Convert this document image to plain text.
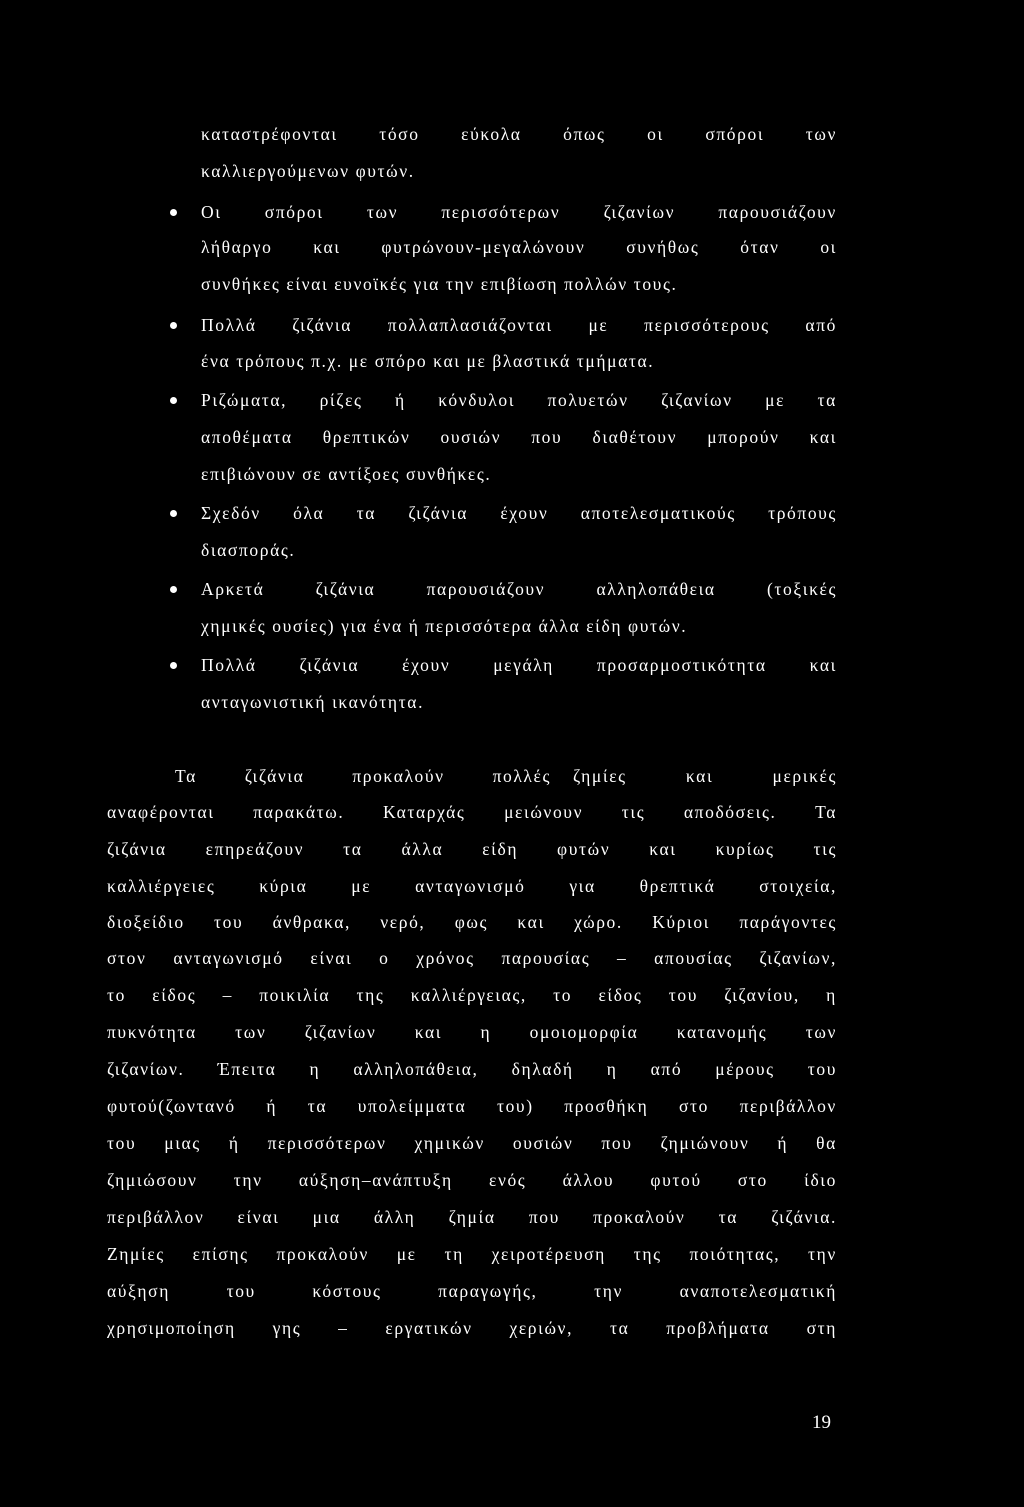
καταστρέφονται τόσο εύκολα όπως οι σπόροι των
καλλιεργούμενων φυτών.
Οι σπόροι των περισσότερων ζιζανίων παρουσιάζουν
λήθαργο και φυτρώνουν-μεγαλώνουν συνήθως όταν οι
συνθήκες είναι ευνοϊκές για την επιβίωση πολλών τους.
Πολλά ζιζάνια πολλαπλασιάζονται με περισσότερους από
ένα τρόπους π.χ. με σπόρο και με βλαστικά τμήματα.
Ριζώματα, ρίζες ή κόνδυλοι πολυετών ζιζανίων με τα
αποθέματα θρεπτικών ουσιών που διαθέτουν μπορούν και
επιβιώνουν σε αντίξοες συνθήκες.
Σχεδόν όλα τα ζιζάνια έχουν αποτελεσματικούς τρόπους
διασποράς.
Αρκετά	ζιζάνια	παρουσιάζουν	αλληλοπάθεια	(τοξικές
χημικές ουσίες) για ένα ή περισσότερα άλλα είδη φυτών.
Πολλά ζιζάνια έχουν μεγάλη προσαρμοστικότητα και
ανταγωνιστική ικανότητα.
Τα	ζιζάνια	προκαλούν	πολλές ζημίες	και	μερικές
αναφέρονται παρακάτω. Καταρχάς μειώνουν τις αποδόσεις. Τα
ζιζάνια επηρεάζουν τα άλλα είδη φυτών και κυρίως τις
καλλιέργειες	κύρια	με	ανταγωνισμό	για	θρεπτικά	στοιχεία,
διοξείδιο του άνθρακα, νερό, φως και χώρο. Κύριοι παράγοντες
στον ανταγωνισμό είναι ο χρόνος παρουσίας – απουσίας ζιζανίων,
το είδος – ποικιλία της καλλιέργειας, το είδος του ζιζανίου, η
πυκνότητα των ζιζανίων και η ομοιομορφία κατανομής των
ζιζανίων. Έπειτα η αλληλοπάθεια, δηλαδή η από μέρους του
φυτού(ζωντανό ή τα υπολείμματα του) προσθήκη στο περιβάλλον
του μιας ή περισσότερων χημικών ουσιών που ζημιώνουν ή θα
ζημιώσουν την αύξηση–ανάπτυξη ενός άλλου φυτού στο ίδιο
περιβάλλον είναι μια άλλη ζημία που προκαλούν τα ζιζάνια.
Ζημίες επίσης προκαλούν με τη χειροτέρευση της ποιότητας, την
αύξηση	του	κόστους	παραγωγής,	την	αναποτελεσματική
χρησιμοποίηση γης – εργατικών χεριών, τα προβλήματα στη
19
